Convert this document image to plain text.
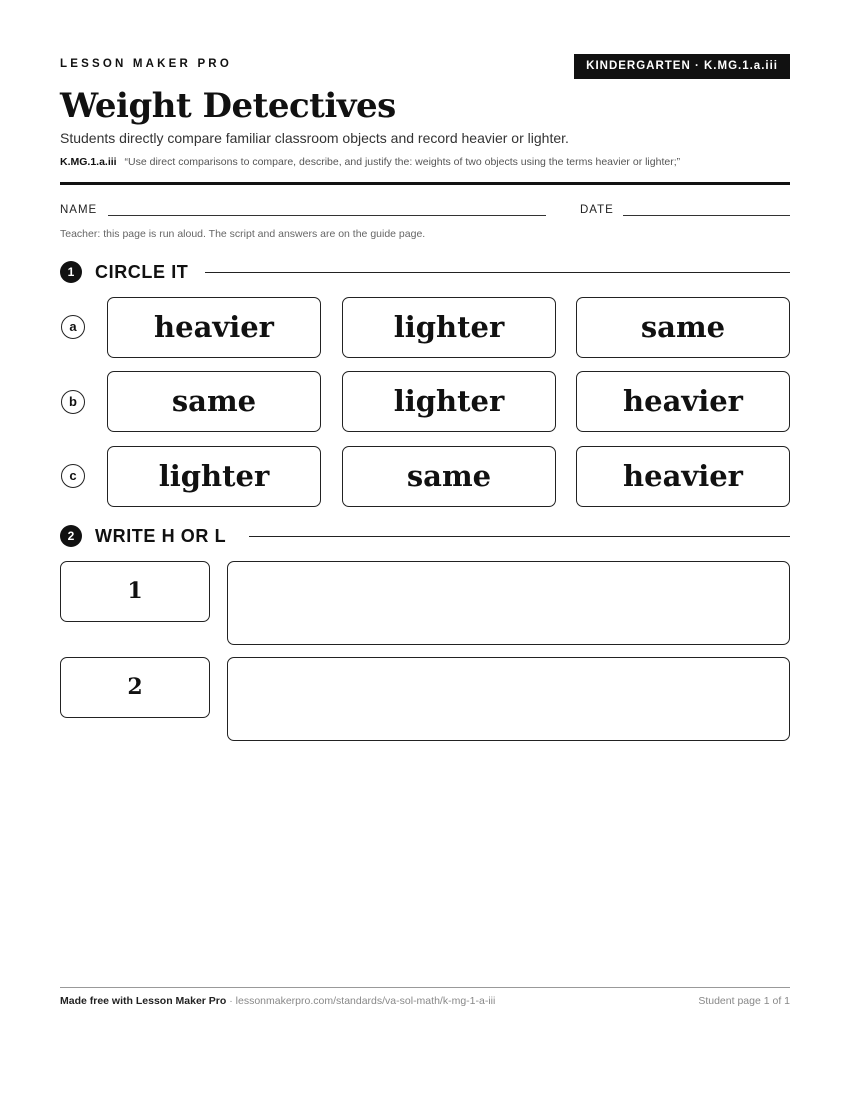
LESSON MAKER PRO	KINDERGARTEN · K.MG.1.a.iii
Weight Detectives
Students directly compare familiar classroom objects and record heavier or lighter.
K.MG.1.a.iii “Use direct comparisons to compare, describe, and justify the: weights of two objects using the terms heavier or lighter;”
NAME	DATE
Teacher: this page is run aloud. The script and answers are on the guide page.
1	CIRCLE IT
a	heavier	lighter	same
b	same	lighter	heavier
c	lighter	same	heavier
2	WRITE H OR L
1
2
Made free with Lesson Maker Pro · lessonmakerpro.com/standards/va-sol-math/k-mg-1-a-iii	Student page 1 of 1
